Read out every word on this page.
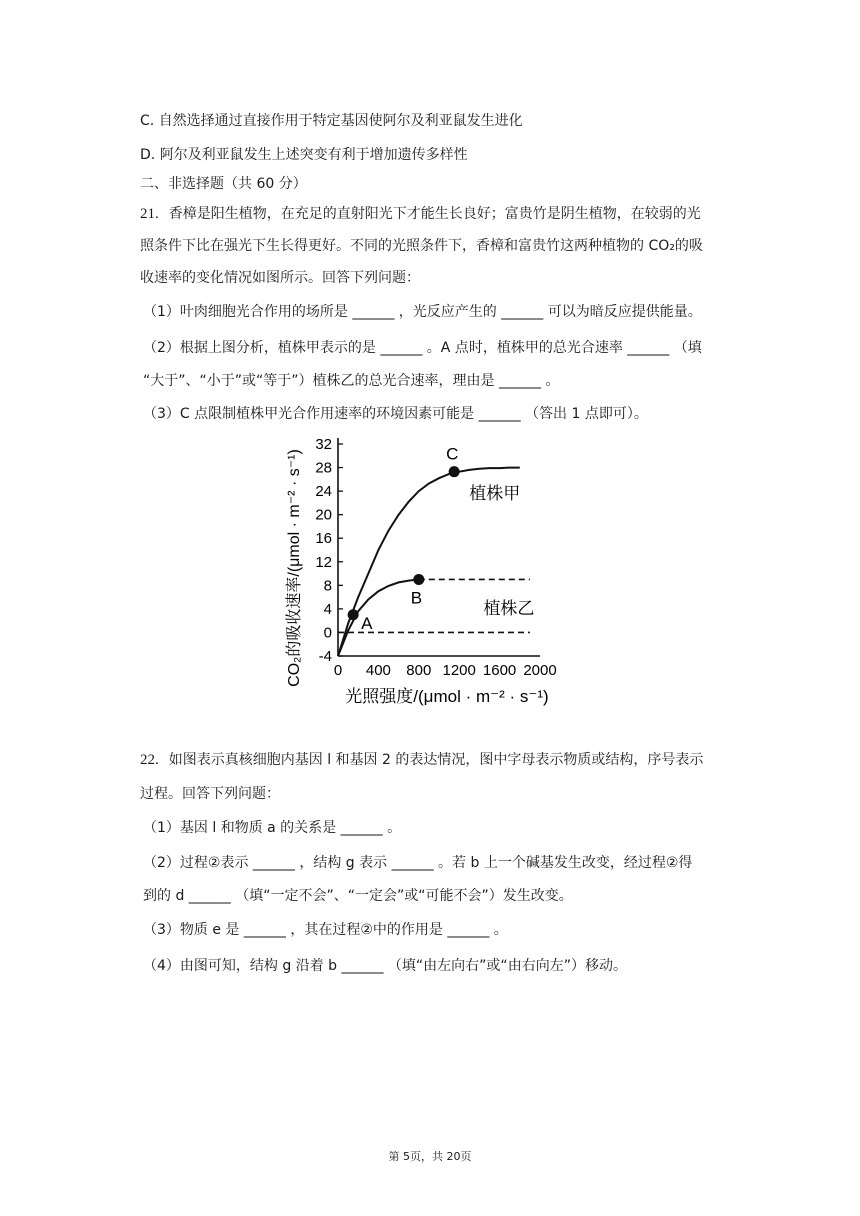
C. 自然选择通过直接作用于特定基因使阿尔及利亚鼠发生进化
D. 阿尔及利亚鼠发生上述突变有利于增加遗传多样性
二、非选择题（共 60 分）
21. 香樟是阳生植物，在充足的直射阳光下才能生长良好；富贵竹是阴生植物，在较弱的光
照条件下比在强光下生长得更好。不同的光照条件下，香樟和富贵竹这两种植物的 CO₂的吸
收速率的变化情况如图所示。回答下列问题：
（1）叶肉细胞光合作用的场所是 ______ ，光反应产生的 ______ 可以为暗反应提供能量。
（2）根据上图分析，植株甲表示的是 ______ 。A 点时，植株甲的总光合速率 ______ （填
“大于”、“小于”或“等于”）植株乙的总光合速率，理由是 ______ 。
（3）C 点限制植株甲光合作用速率的环境因素可能是 ______ （答出 1 点即可）。
-4
0
4
8
12
16
20
24
28
32
0 400 800 1200 1600 2000
植株甲
植株乙
A
B
C
光照强度/(μmol · m⁻² · s⁻¹)
CO₂的吸收速率/(μmol · m⁻² · s⁻¹)
22. 如图表示真核细胞内基因 l 和基因 2 的表达情况，图中字母表示物质或结构，序号表示
过程。回答下列问题：
（1）基因 l 和物质 a 的关系是 ______ 。
（2）过程②表示 ______ ，结构 g 表示 ______ 。若 b 上一个碱基发生改变，经过程②得
到的 d ______ （填“一定不会”、“一定会”或“可能不会”）发生改变。
（3）物质 e 是 ______ ，其在过程②中的作用是 ______ 。
（4）由图可知，结构 g 沿着 b ______ （填“由左向右”或“由右向左”）移动。
第 5页，共 20页
